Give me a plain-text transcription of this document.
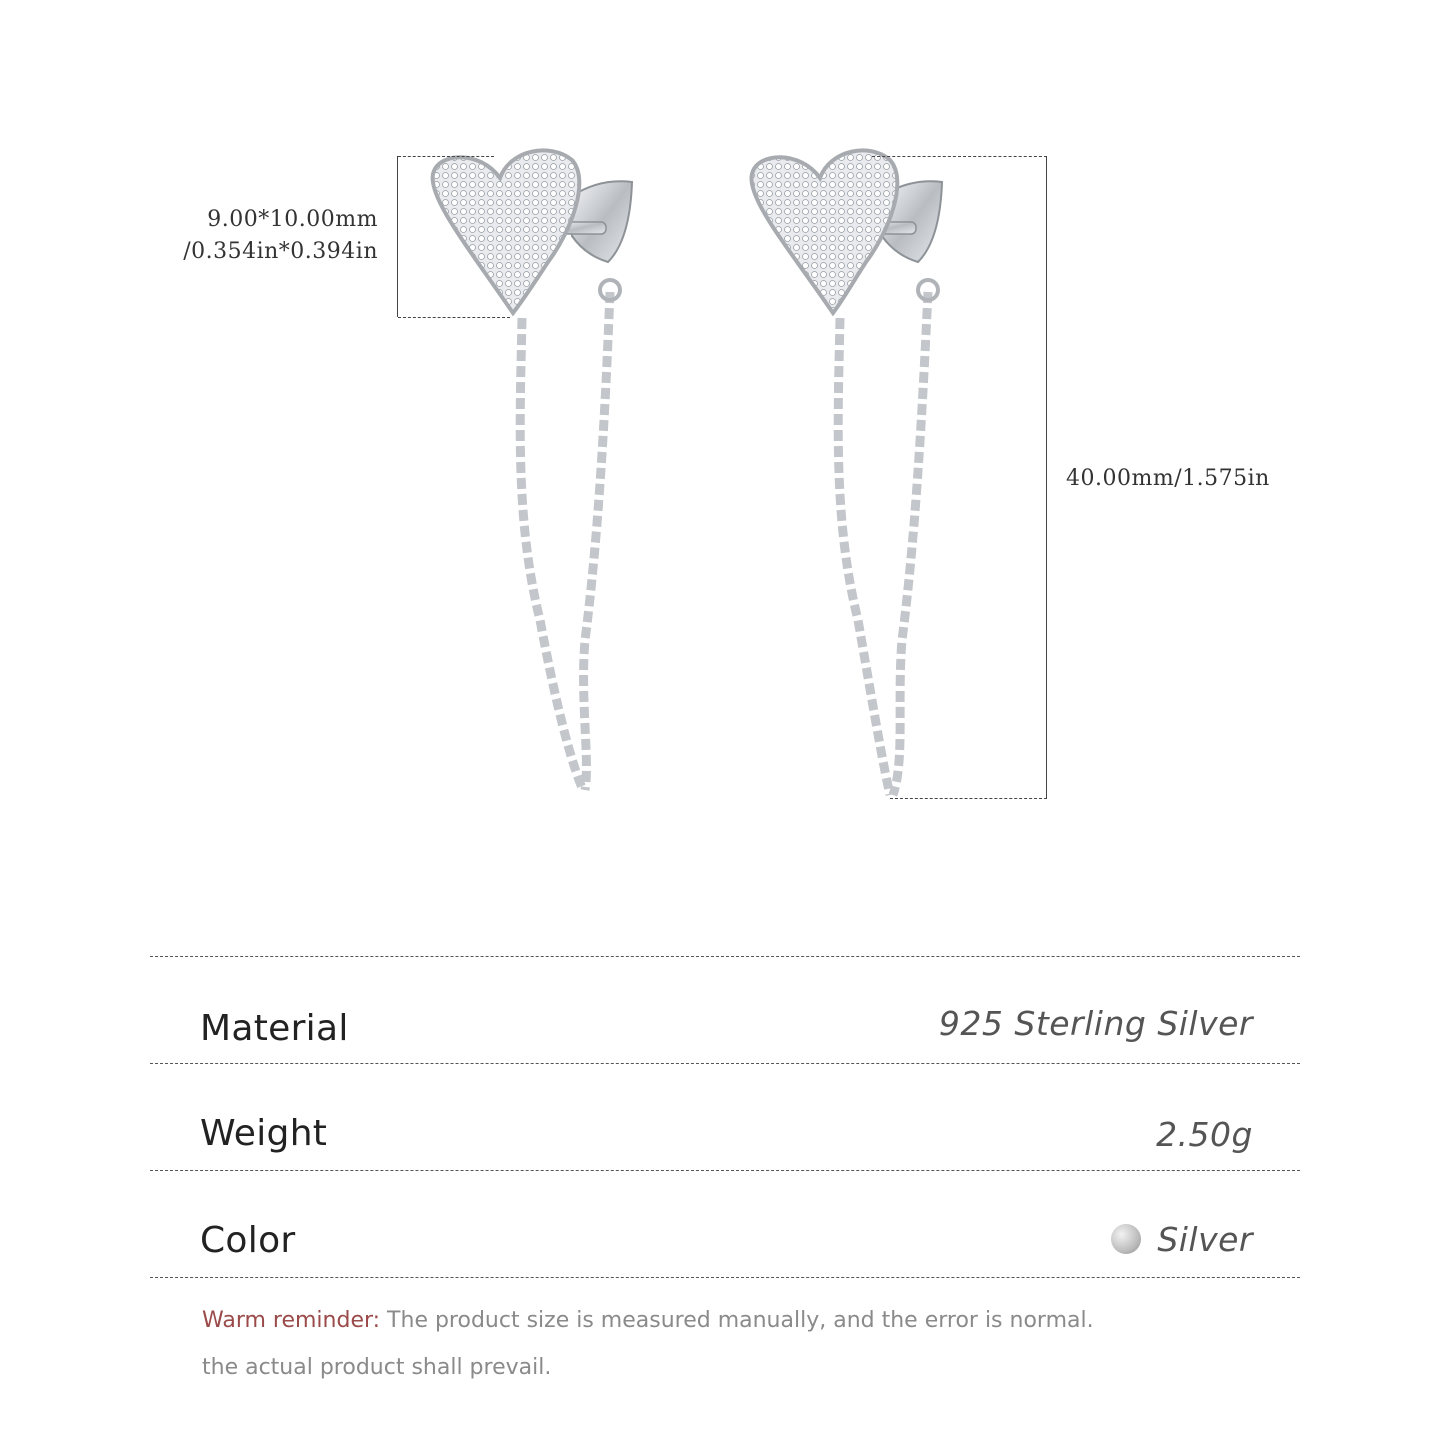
9.00*10.00mm
/0.354in*0.394in
40.00mm/1.575in
Material	925 Sterling Silver
Weight	2.50g
Color	Silver
Warm reminder: The product size is measured manually, and the error is normal.
the actual product shall prevail.
